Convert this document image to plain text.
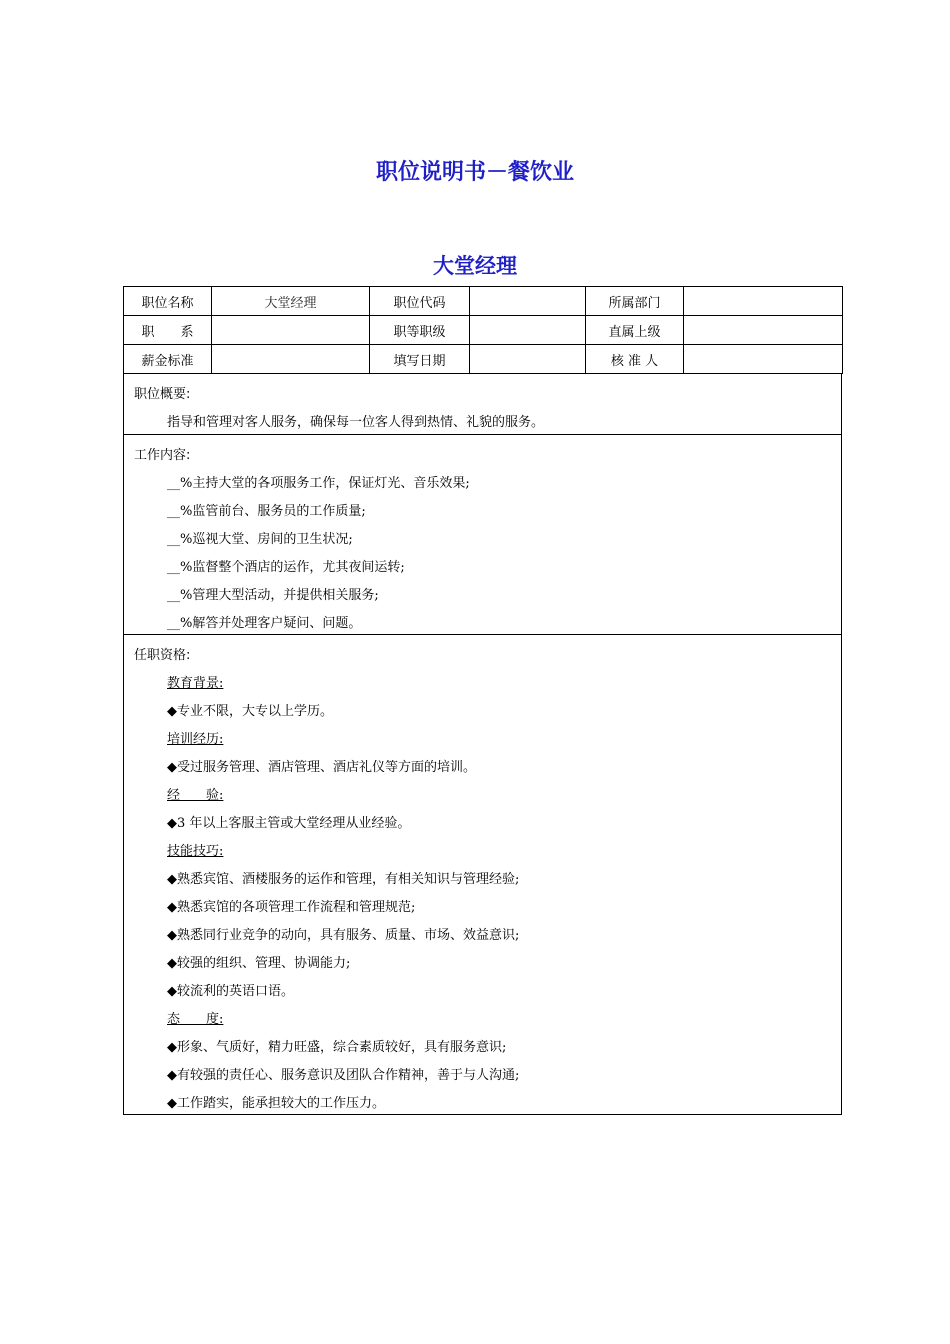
职位说明书－餐饮业
大堂经理
职位名称	大堂经理	职位代码		所属部门	
职　　系		职等职级		直属上级	
薪金标准		填写日期		核 准 人	
职位概要:
指导和管理对客人服务，确保每一位客人得到热情、礼貌的服务。
工作内容:
__%主持大堂的各项服务工作，保证灯光、音乐效果;
__%监管前台、服务员的工作质量;
__%巡视大堂、房间的卫生状况;
__%监督整个酒店的运作，尤其夜间运转;
__%管理大型活动，并提供相关服务;
__%解答并处理客户疑问、问题。
任职资格:
教育背景:
◆专业不限，大专以上学历。
培训经历:
◆受过服务管理、酒店管理、酒店礼仪等方面的培训。
经　　验:
◆3 年以上客服主管或大堂经理从业经验。
技能技巧:
◆熟悉宾馆、酒楼服务的运作和管理，有相关知识与管理经验;
◆熟悉宾馆的各项管理工作流程和管理规范;
◆熟悉同行业竞争的动向，具有服务、质量、市场、效益意识;
◆较强的组织、管理、协调能力;
◆较流利的英语口语。
态　　度:
◆形象、气质好，精力旺盛，综合素质较好，具有服务意识;
◆有较强的责任心、服务意识及团队合作精神，善于与人沟通;
◆工作踏实，能承担较大的工作压力。
